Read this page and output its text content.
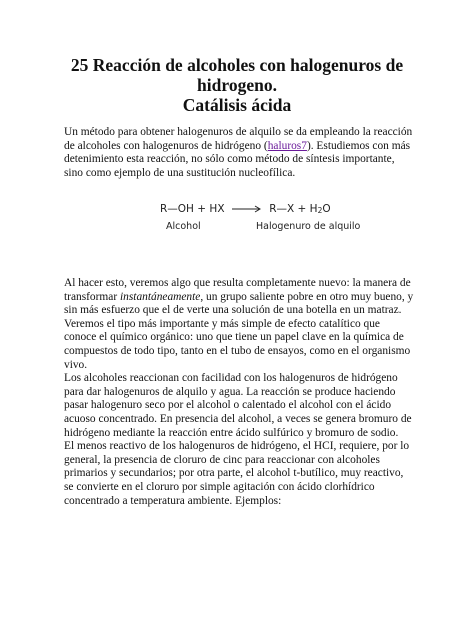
25 Reacción de alcoholes con halogenuros de
hidrogeno.
Catálisis ácida
Un método para obtener halogenuros de alquilo se da empleando la reacción de alcoholes con halogenuros de hidrógeno (haluros7). Estudiemos con más detenimiento esta reacción, no sólo como método de síntesis importante, sino como ejemplo de una sustitución nucleofílica.
R—OH + HX → R—X + H2O
Alcohol	Halogenuro de alquilo
Al hacer esto, veremos algo que resulta completamente nuevo: la manera de transformar instantáneamente, un grupo saliente pobre en otro muy bueno, y sin más esfuerzo que el de verte una solución de una botella en un matraz. Veremos el tipo más importante y más simple de efecto catalítico que conoce el químico orgánico: uno que tiene un papel clave en la química de compuestos de todo tipo, tanto en el tubo de ensayos, como en el organismo vivo.
Los alcoholes reaccionan con facilidad con los halogenuros de hidrógeno para dar halogenuros de alquilo y agua. La reacción se produce haciendo pasar halogenuro seco por el alcohol o calentado el alcohol con el ácido acuoso concentrado. En presencia del alcohol, a veces se genera bromuro de hidrógeno mediante la reacción entre ácido sulfúrico y bromuro de sodio.
El menos reactivo de los halogenuros de hidrógeno, el HCI, requiere, por lo general, la presencia de cloruro de cinc para reaccionar con alcoholes primarios y secundarios; por otra parte, el alcohol t-butílico, muy reactivo, se convierte en el cloruro por simple agitación con ácido clorhídrico concentrado a temperatura ambiente. Ejemplos:
